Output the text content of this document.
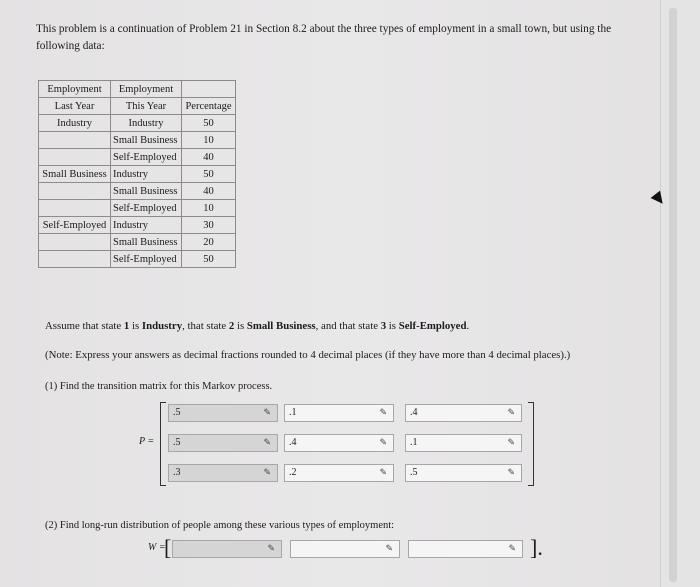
This problem is a continuation of Problem 21 in Section 8.2 about the three types of employment in a small town, but using the following data:
Employment	Employment	
Last Year	This Year	Percentage
Industry	Industry	50
	Small Business	10
	Self-Employed	40
Small Business	Industry	50
	Small Business	40
	Self-Employed	10
Self-Employed	Industry	30
	Small Business	20
	Self-Employed	50
Assume that state 1 is Industry, that state 2 is Small Business, and that state 3 is Self-Employed.
(Note: Express your answers as decimal fractions rounded to 4 decimal places (if they have more than 4 decimal places).)
(1) Find the transition matrix for this Markov process.
P =
.5	✎	.1	✎	.4	✎
.5	✎	.4	✎	.1	✎
.3	✎	.2	✎	.5	✎
(2) Find long-run distribution of people among these various types of employment:
W =
[	].
✎	✎	✎
